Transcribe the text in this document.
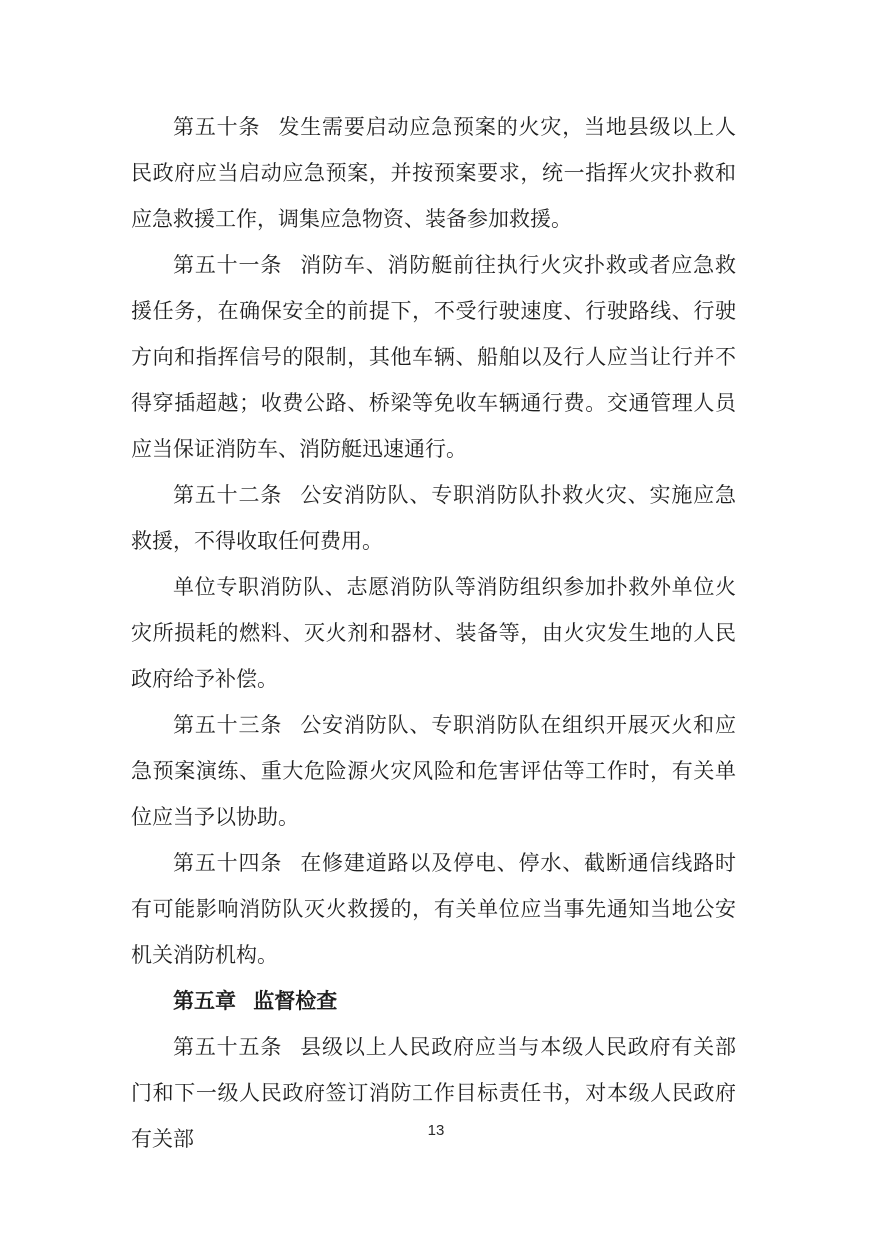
第五十条 发生需要启动应急预案的火灾，当地县级以上人民政府应当启动应急预案，并按预案要求，统一指挥火灾扑救和应急救援工作，调集应急物资、装备参加救援。

第五十一条 消防车、消防艇前往执行火灾扑救或者应急救援任务，在确保安全的前提下，不受行驶速度、行驶路线、行驶方向和指挥信号的限制，其他车辆、船舶以及行人应当让行并不得穿插超越；收费公路、桥梁等免收车辆通行费。交通管理人员应当保证消防车、消防艇迅速通行。

第五十二条 公安消防队、专职消防队扑救火灾、实施应急救援，不得收取任何费用。

单位专职消防队、志愿消防队等消防组织参加扑救外单位火灾所损耗的燃料、灭火剂和器材、装备等，由火灾发生地的人民政府给予补偿。

第五十三条 公安消防队、专职消防队在组织开展灭火和应急预案演练、重大危险源火灾风险和危害评估等工作时，有关单位应当予以协助。

第五十四条 在修建道路以及停电、停水、截断通信线路时有可能影响消防队灭火救援的，有关单位应当事先通知当地公安机关消防机构。

第五章 监督检查

第五十五条 县级以上人民政府应当与本级人民政府有关部门和下一级人民政府签订消防工作目标责任书，对本级人民政府有关部	13
